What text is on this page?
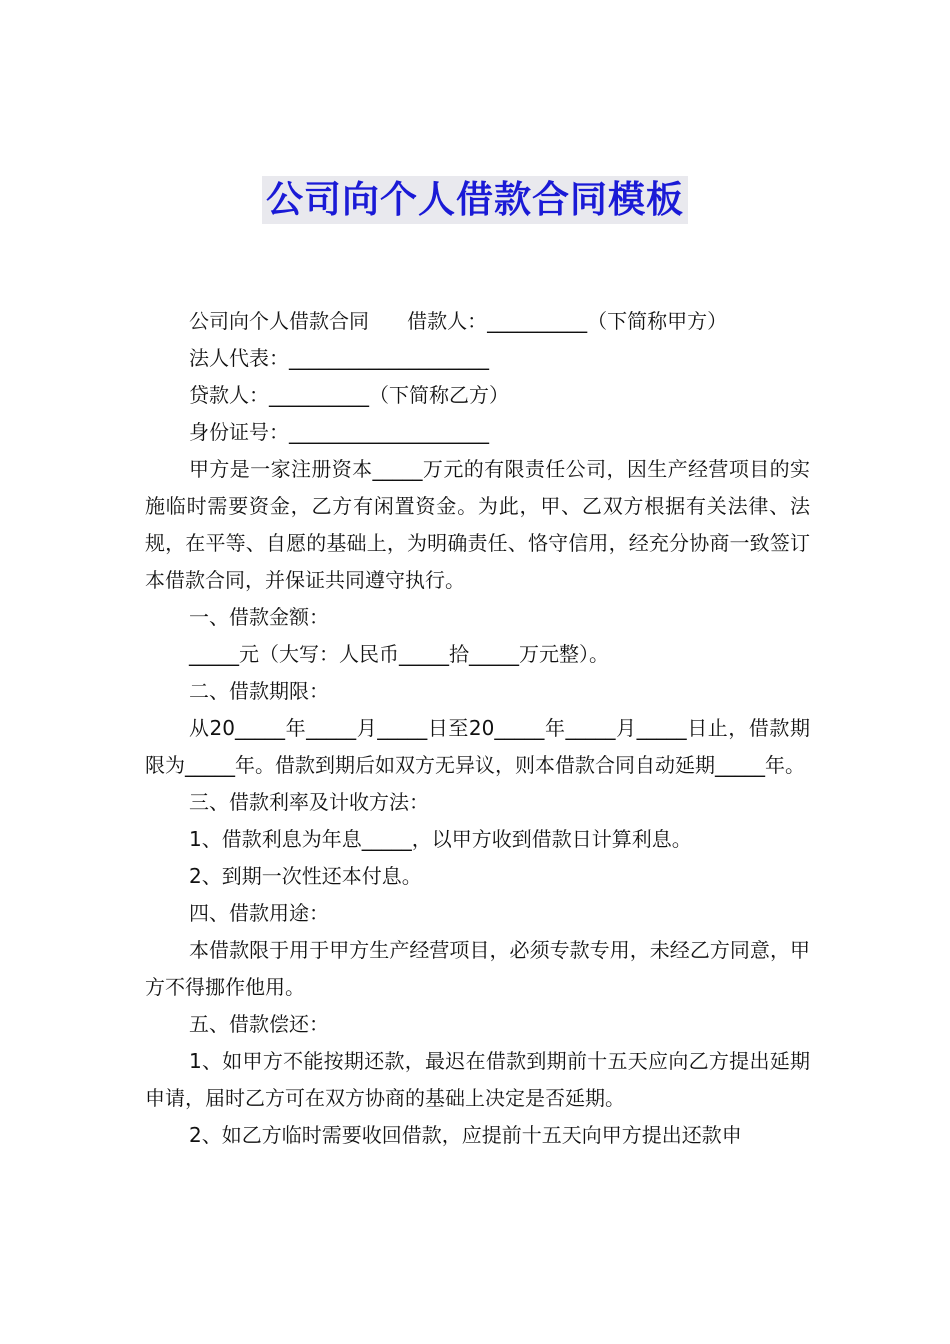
公司向个人借款合同模板

公司向个人借款合同      借款人：__________（下简称甲方）

法人代表：____________________

贷款人：__________（下简称乙方）

身份证号：____________________

甲方是一家注册资本_____万元的有限责任公司，因生产经营项目的实施临时需要资金，乙方有闲置资金。为此，甲、乙双方根据有关法律、法规，在平等、自愿的基础上，为明确责任、恪守信用，经充分协商一致签订本借款合同，并保证共同遵守执行。

一、借款金额：

_____元（大写：人民币_____拾_____万元整）。

二、借款期限：

从20_____年_____月_____日至20_____年_____月_____日止，借款期限为_____年。借款到期后如双方无异议，则本借款合同自动延期_____年。

三、借款利率及计收方法：

1、借款利息为年息_____，以甲方收到借款日计算利息。

2、到期一次性还本付息。

四、借款用途：

本借款限于用于甲方生产经营项目，必须专款专用，未经乙方同意，甲方不得挪作他用。

五、借款偿还：

1、如甲方不能按期还款，最迟在借款到期前十五天应向乙方提出延期申请，届时乙方可在双方协商的基础上决定是否延期。

2、如乙方临时需要收回借款，应提前十五天向甲方提出还款申
